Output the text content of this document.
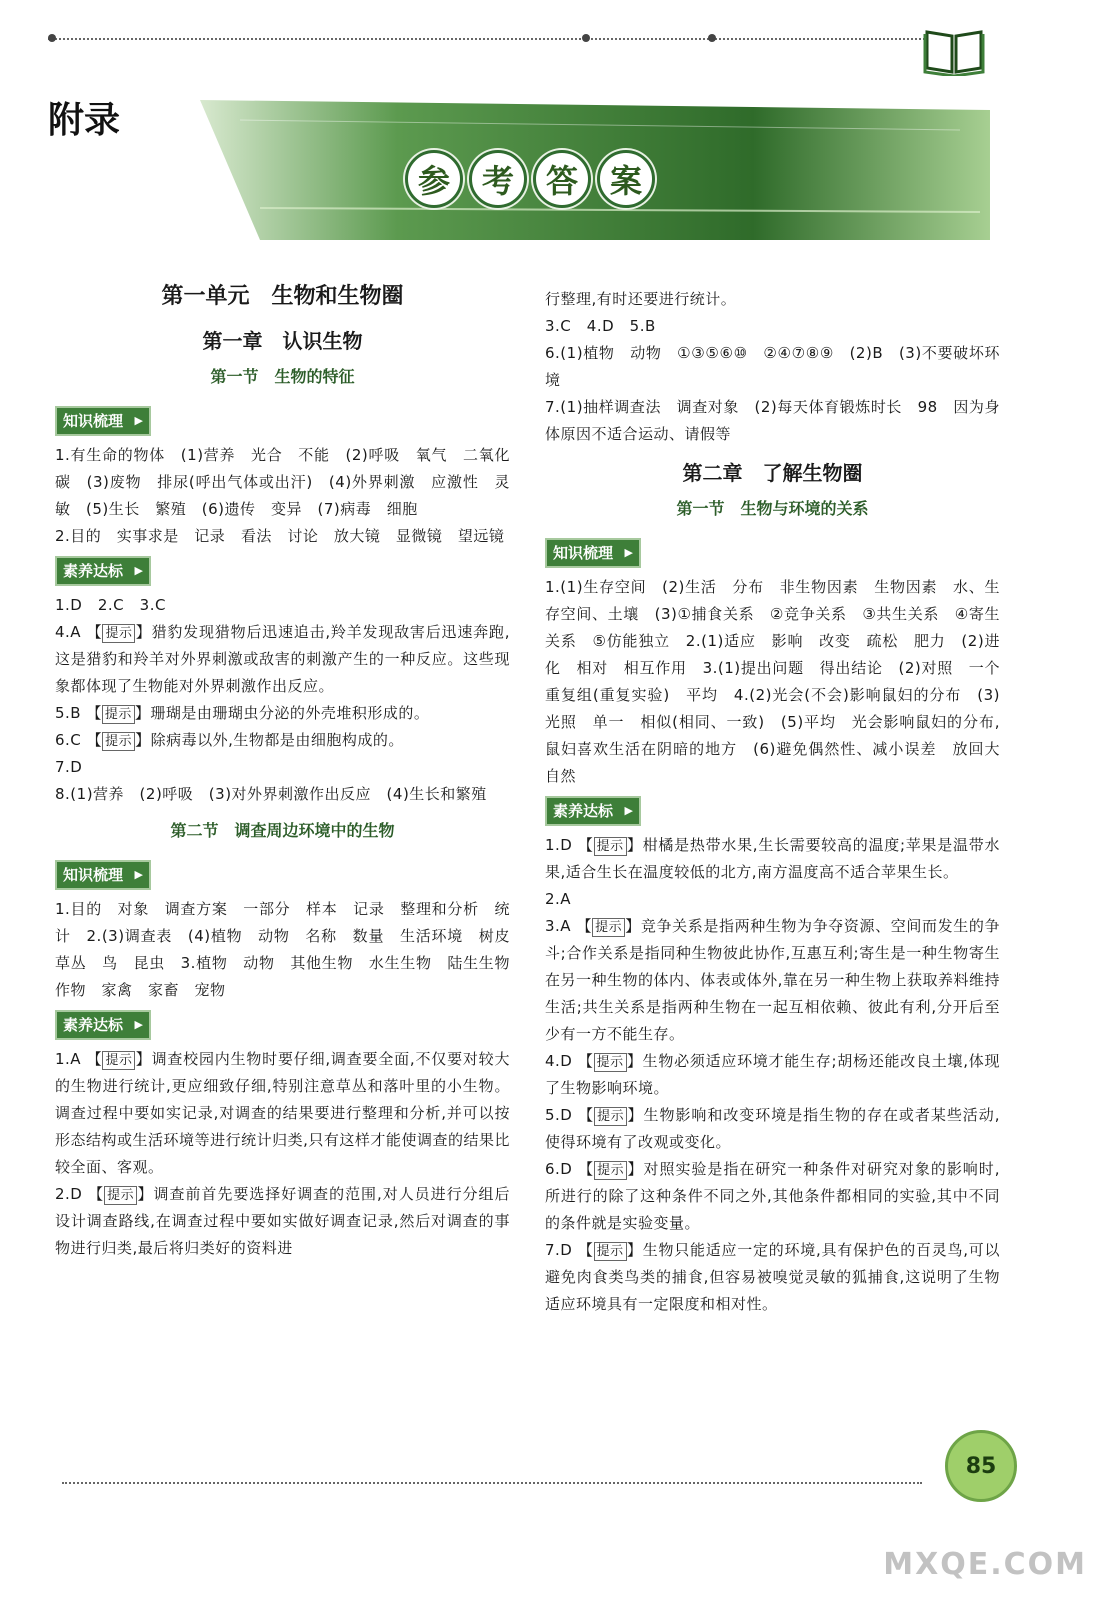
附录
参 考 答 案
第一单元　生物和生物圈
第一章　认识生物
第一节　生物的特征
知识梳理 ▶

1.有生命的物体　(1)营养　光合　不能　(2)呼吸　氧气　二氧化碳　(3)废物　排尿(呼出气体或出汗)　(4)外界刺激　应激性　灵敏　(5)生长　繁殖　(6)遗传　变异　(7)病毒　细胞

2.目的　实事求是　记录　看法　讨论　放大镜　显微镜　望远镜

素养达标 ▶

1.D　2.C　3.C

4.A 【 提示 】猎豹发现猎物后迅速追击,羚羊发现敌害后迅速奔跑,这是猎豹和羚羊对外界刺激或敌害的刺激产生的一种反应。这些现象都体现了生物能对外界刺激作出反应。

5.B 【 提示 】珊瑚是由珊瑚虫分泌的外壳堆积形成的。

6.C 【 提示 】除病毒以外,生物都是由细胞构成的。

7.D

8.(1)营养　(2)呼吸　(3)对外界刺激作出反应　(4)生长和繁殖

第二节　调查周边环境中的生物
知识梳理 ▶

1.目的　对象　调查方案　一部分　样本　记录　整理和分析　统计　2.(3)调查表　(4)植物　动物　名称　数量　生活环境　树皮　草丛　鸟　昆虫　3.植物　动物　其他生物　水生生物　陆生生物　作物　家禽　家畜　宠物

素养达标 ▶

1.A 【 提示 】调查校园内生物时要仔细,调查要全面,不仅要对较大的生物进行统计,更应细致仔细,特别注意草丛和落叶里的小生物。调查过程中要如实记录,对调查的结果要进行整理和分析,并可以按形态结构或生活环境等进行统计归类,只有这样才能使调查的结果比较全面、客观。

2.D 【 提示 】调查前首先要选择好调查的范围,对人员进行分组后设计调查路线,在调查过程中要如实做好调查记录,然后对调查的事物进行归类,最后将归类好的资料进

行整理,有时还要进行统计。

3.C　4.D　5.B

6.(1)植物　动物　①③⑤⑥⑩　②④⑦⑧⑨　(2)B　(3)不要破坏环境

7.(1)抽样调查法　调查对象　(2)每天体育锻炼时长　98　因为身体原因不适合运动、请假等

第二章　了解生物圈
第一节　生物与环境的关系
知识梳理 ▶

1.(1)生存空间　(2)生活　分布　非生物因素　生物因素　水、生存空间、土壤　(3)①捕食关系　②竞争关系　③共生关系　④寄生关系　⑤仿能独立　2.(1)适应　影响　改变　疏松　肥力　(2)进化　相对　相互作用　3.(1)提出问题　得出结论　(2)对照　一个　重复组(重复实验)　平均　4.(2)光会(不会)影响鼠妇的分布　(3)光照　单一　相似(相同、一致)　(5)平均　光会影响鼠妇的分布,鼠妇喜欢生活在阴暗的地方　(6)避免偶然性、减小误差　放回大自然

素养达标 ▶

1.D 【 提示 】柑橘是热带水果,生长需要较高的温度;苹果是温带水果,适合生长在温度较低的北方,南方温度高不适合苹果生长。

2.A

3.A 【 提示 】竞争关系是指两种生物为争夺资源、空间而发生的争斗;合作关系是指同种生物彼此协作,互惠互利;寄生是一种生物寄生在另一种生物的体内、体表或体外,靠在另一种生物上获取养料维持生活;共生关系是指两种生物在一起互相依赖、彼此有利,分开后至少有一方不能生存。

4.D 【 提示 】生物必须适应环境才能生存;胡杨还能改良土壤,体现了生物影响环境。

5.D 【 提示 】生物影响和改变环境是指生物的存在或者某些活动,使得环境有了改观或变化。

6.D 【 提示 】对照实验是指在研究一种条件对研究对象的影响时,所进行的除了这种条件不同之外,其他条件都相同的实验,其中不同的条件就是实验变量。

7.D 【 提示 】生物只能适应一定的环境,具有保护色的百灵鸟,可以避免肉食类鸟类的捕食,但容易被嗅觉灵敏的狐捕食,这说明了生物适应环境具有一定限度和相对性。

85
MXQE.COM
